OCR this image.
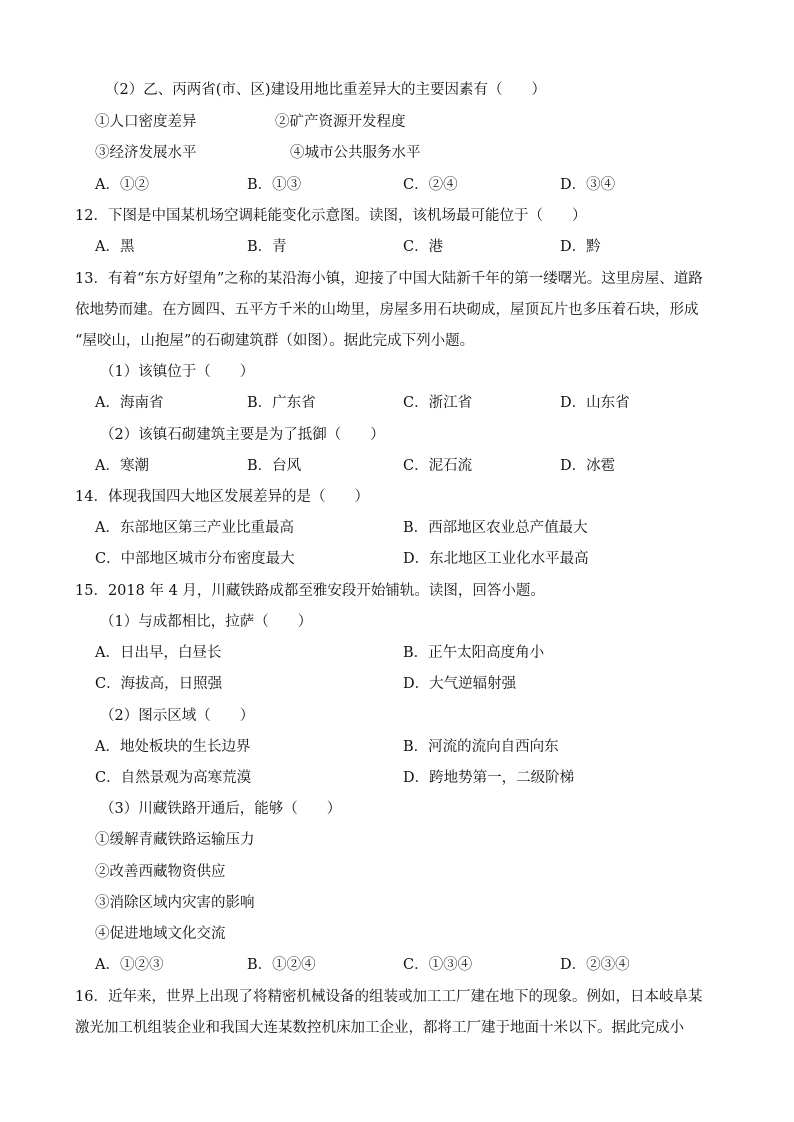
（2）乙、丙两省(市、区)建设用地比重差异大的主要因素有（　　）
①人口密度差异	②矿产资源开发程度
③经济发展水平	④城市公共服务水平
A．①②	B．①③	C．②④	D．③④
12．下图是中国某机场空调耗能变化示意图。读图，该机场最可能位于（　　）
A．黑	B．青	C．港	D．黔
13．有着“东方好望角”之称的某沿海小镇，迎接了中国大陆新千年的第一缕曙光。这里房屋、道路
依地势而建。在方圆四、五平方千米的山坳里，房屋多用石块砌成，屋顶瓦片也多压着石块，形成
“屋咬山，山抱屋”的石砌建筑群（如图）。据此完成下列小题。
（1）该镇位于（　　）
A．海南省	B．广东省	C．浙江省	D．山东省
（2）该镇石砌建筑主要是为了抵御（　　）
A．寒潮	B．台风	C．泥石流	D．冰雹
14．体现我国四大地区发展差异的是（　　）
A．东部地区第三产业比重最高	B．西部地区农业总产值最大
C．中部地区城市分布密度最大	D．东北地区工业化水平最高
15．2018 年 4 月，川藏铁路成都至雅安段开始铺轨。读图，回答小题。
（1）与成都相比，拉萨（　　）
A．日出早，白昼长	B．正午太阳高度角小
C．海拔高，日照强	D．大气逆辐射强
（2）图示区域（　　）
A．地处板块的生长边界	B．河流的流向自西向东
C．自然景观为高寒荒漠	D．跨地势第一，二级阶梯
（3）川藏铁路开通后，能够（　　）
①缓解青藏铁路运输压力
②改善西藏物资供应
③消除区域内灾害的影响
④促进地域文化交流
A．①②③	B．①②④	C．①③④	D．②③④
16．近年来，世界上出现了将精密机械设备的组装或加工工厂建在地下的现象。例如，日本岐阜某
激光加工机组装企业和我国大连某数控机床加工企业，都将工厂建于地面十米以下。据此完成小
